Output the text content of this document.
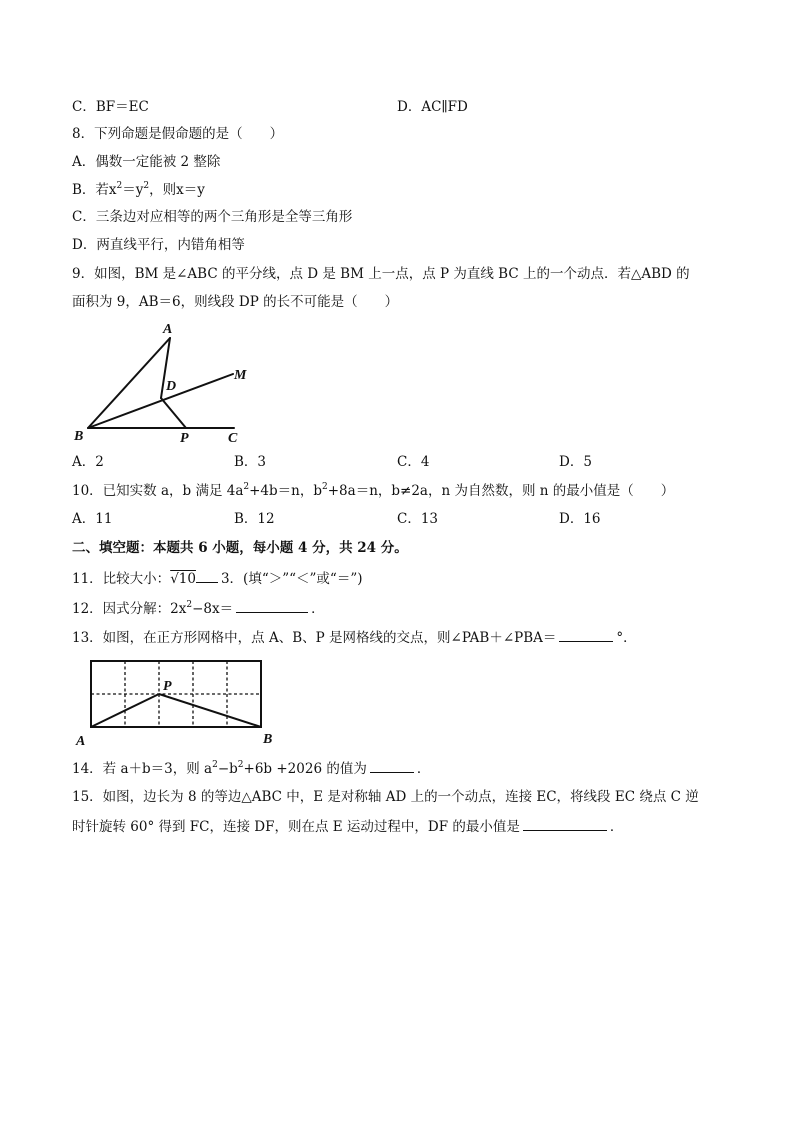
C．BF＝EC	D．AC∥FD
8．下列命题是假命题的是（　　）
A．偶数一定能被 2 整除
B．若$x^2=y^2$，则x＝y
C．三条边对应相等的两个三角形是全等三角形
D．两直线平行，内错角相等
9．如图，BM 是∠ABC 的平分线，点 D 是 BM 上一点，点 P 为直线 BC 上的一个动点．若△ABD 的
面积为 9，AB＝6，则线段 DP 的长不可能是（　　）
A
D
M
B	P	C
A．2	B．3	C．4	D．5
10．已知实数 a，b 满足 $4a^2+4b=n$，$b^2+8a=n$，b≠2a，n 为自然数，则 n 的最小值是（　　）
A．11	B．12	C．13	D．16
二、填空题：本题共 6 小题，每小题 4 分，共 24 分。
11．比较大小：√10 3．(填“＞”“＜”或“＝”)
12．因式分解：$2x^2-8x=$	．
13．如图，在正方形网格中，点 A、B、P 是网格线的交点，则∠PAB＋∠PBA＝	°．
P
A	B
14．若 a＋b＝3，则 $a^2-b^2+6b +2026$ 的值为	．
15．如图，边长为 8 的等边△ABC 中，E 是对称轴 AD 上的一个动点，连接 EC，将线段 EC 绕点 C 逆
时针旋转 60° 得到 FC，连接 DF，则在点 E 运动过程中，DF 的最小值是	．
